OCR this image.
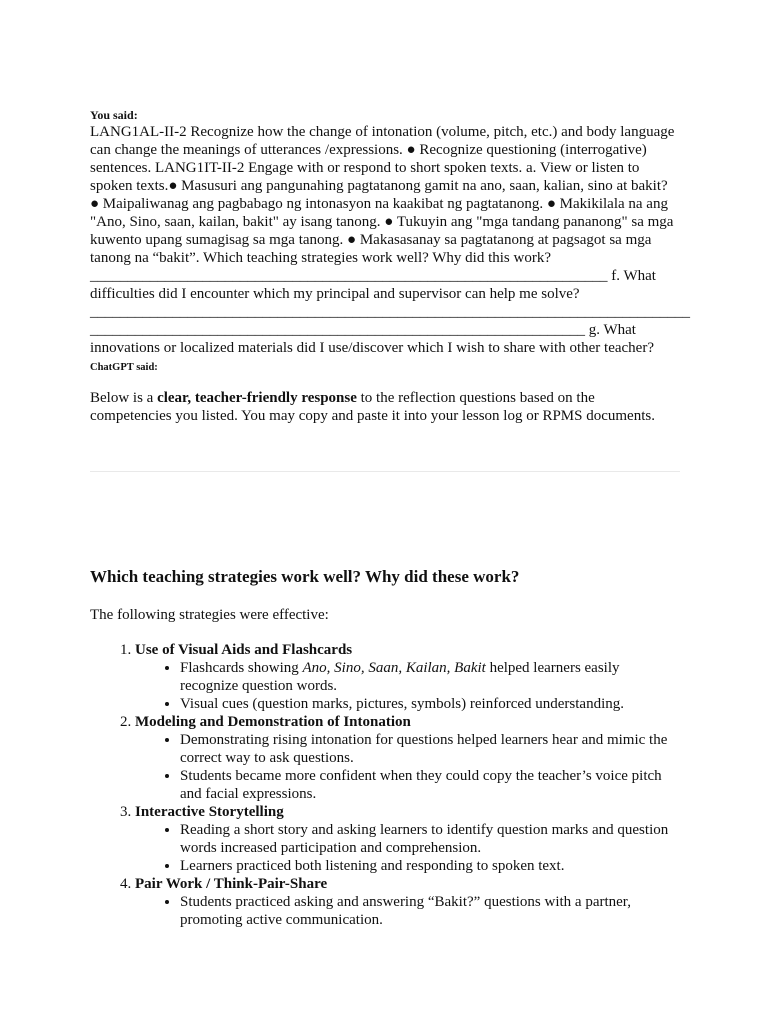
You said:

LANG1AL-II-2 Recognize how the change of intonation (volume, pitch, etc.) and body language
can change the meanings of utterances /expressions. ● Recognize questioning (interrogative)
sentences. LANG1IT-II-2 Engage with or respond to short spoken texts. a. View or listen to
spoken texts.● Masusuri ang pangunahing pagtatanong gamit na ano, saan, kalian, sino at bakit?
● Maipaliwanag ang pagbabago ng intonasyon na kaakibat ng pagtatanong. ● Makikilala na ang
"Ano, Sino, saan, kailan, bakit" ay isang tanong. ● Tukuyin ang "mga tandang pananong" sa mga
kuwento upang sumagisag sa mga tanong. ● Makasasanay sa pagtatanong at pagsagot sa mga
tanong na “bakit”. Which teaching strategies work well? Why did this work?
_____________________________________________________________________ f. What
difficulties did I encounter which my principal and supervisor can help me solve?
________________________________________________________________________________
__________________________________________________________________ g. What
innovations or localized materials did I use/discover which I wish to share with other teacher?

ChatGPT said:

Below is a clear, teacher-friendly response to the reflection questions based on the competencies you listed. You may copy and paste it into your lesson log or RPMS documents.

Which teaching strategies work well? Why did these work?

The following strategies were effective:

1. Use of Visual Aids and Flashcards
• Flashcards showing Ano, Sino, Saan, Kailan, Bakit helped learners easily recognize question words.
• Visual cues (question marks, pictures, symbols) reinforced understanding.
2. Modeling and Demonstration of Intonation
• Demonstrating rising intonation for questions helped learners hear and mimic the correct way to ask questions.
• Students became more confident when they could copy the teacher’s voice pitch and facial expressions.
3. Interactive Storytelling
• Reading a short story and asking learners to identify question marks and question words increased participation and comprehension.
• Learners practiced both listening and responding to spoken text.
4. Pair Work / Think-Pair-Share
• Students practiced asking and answering “Bakit?” questions with a partner, promoting active communication.
